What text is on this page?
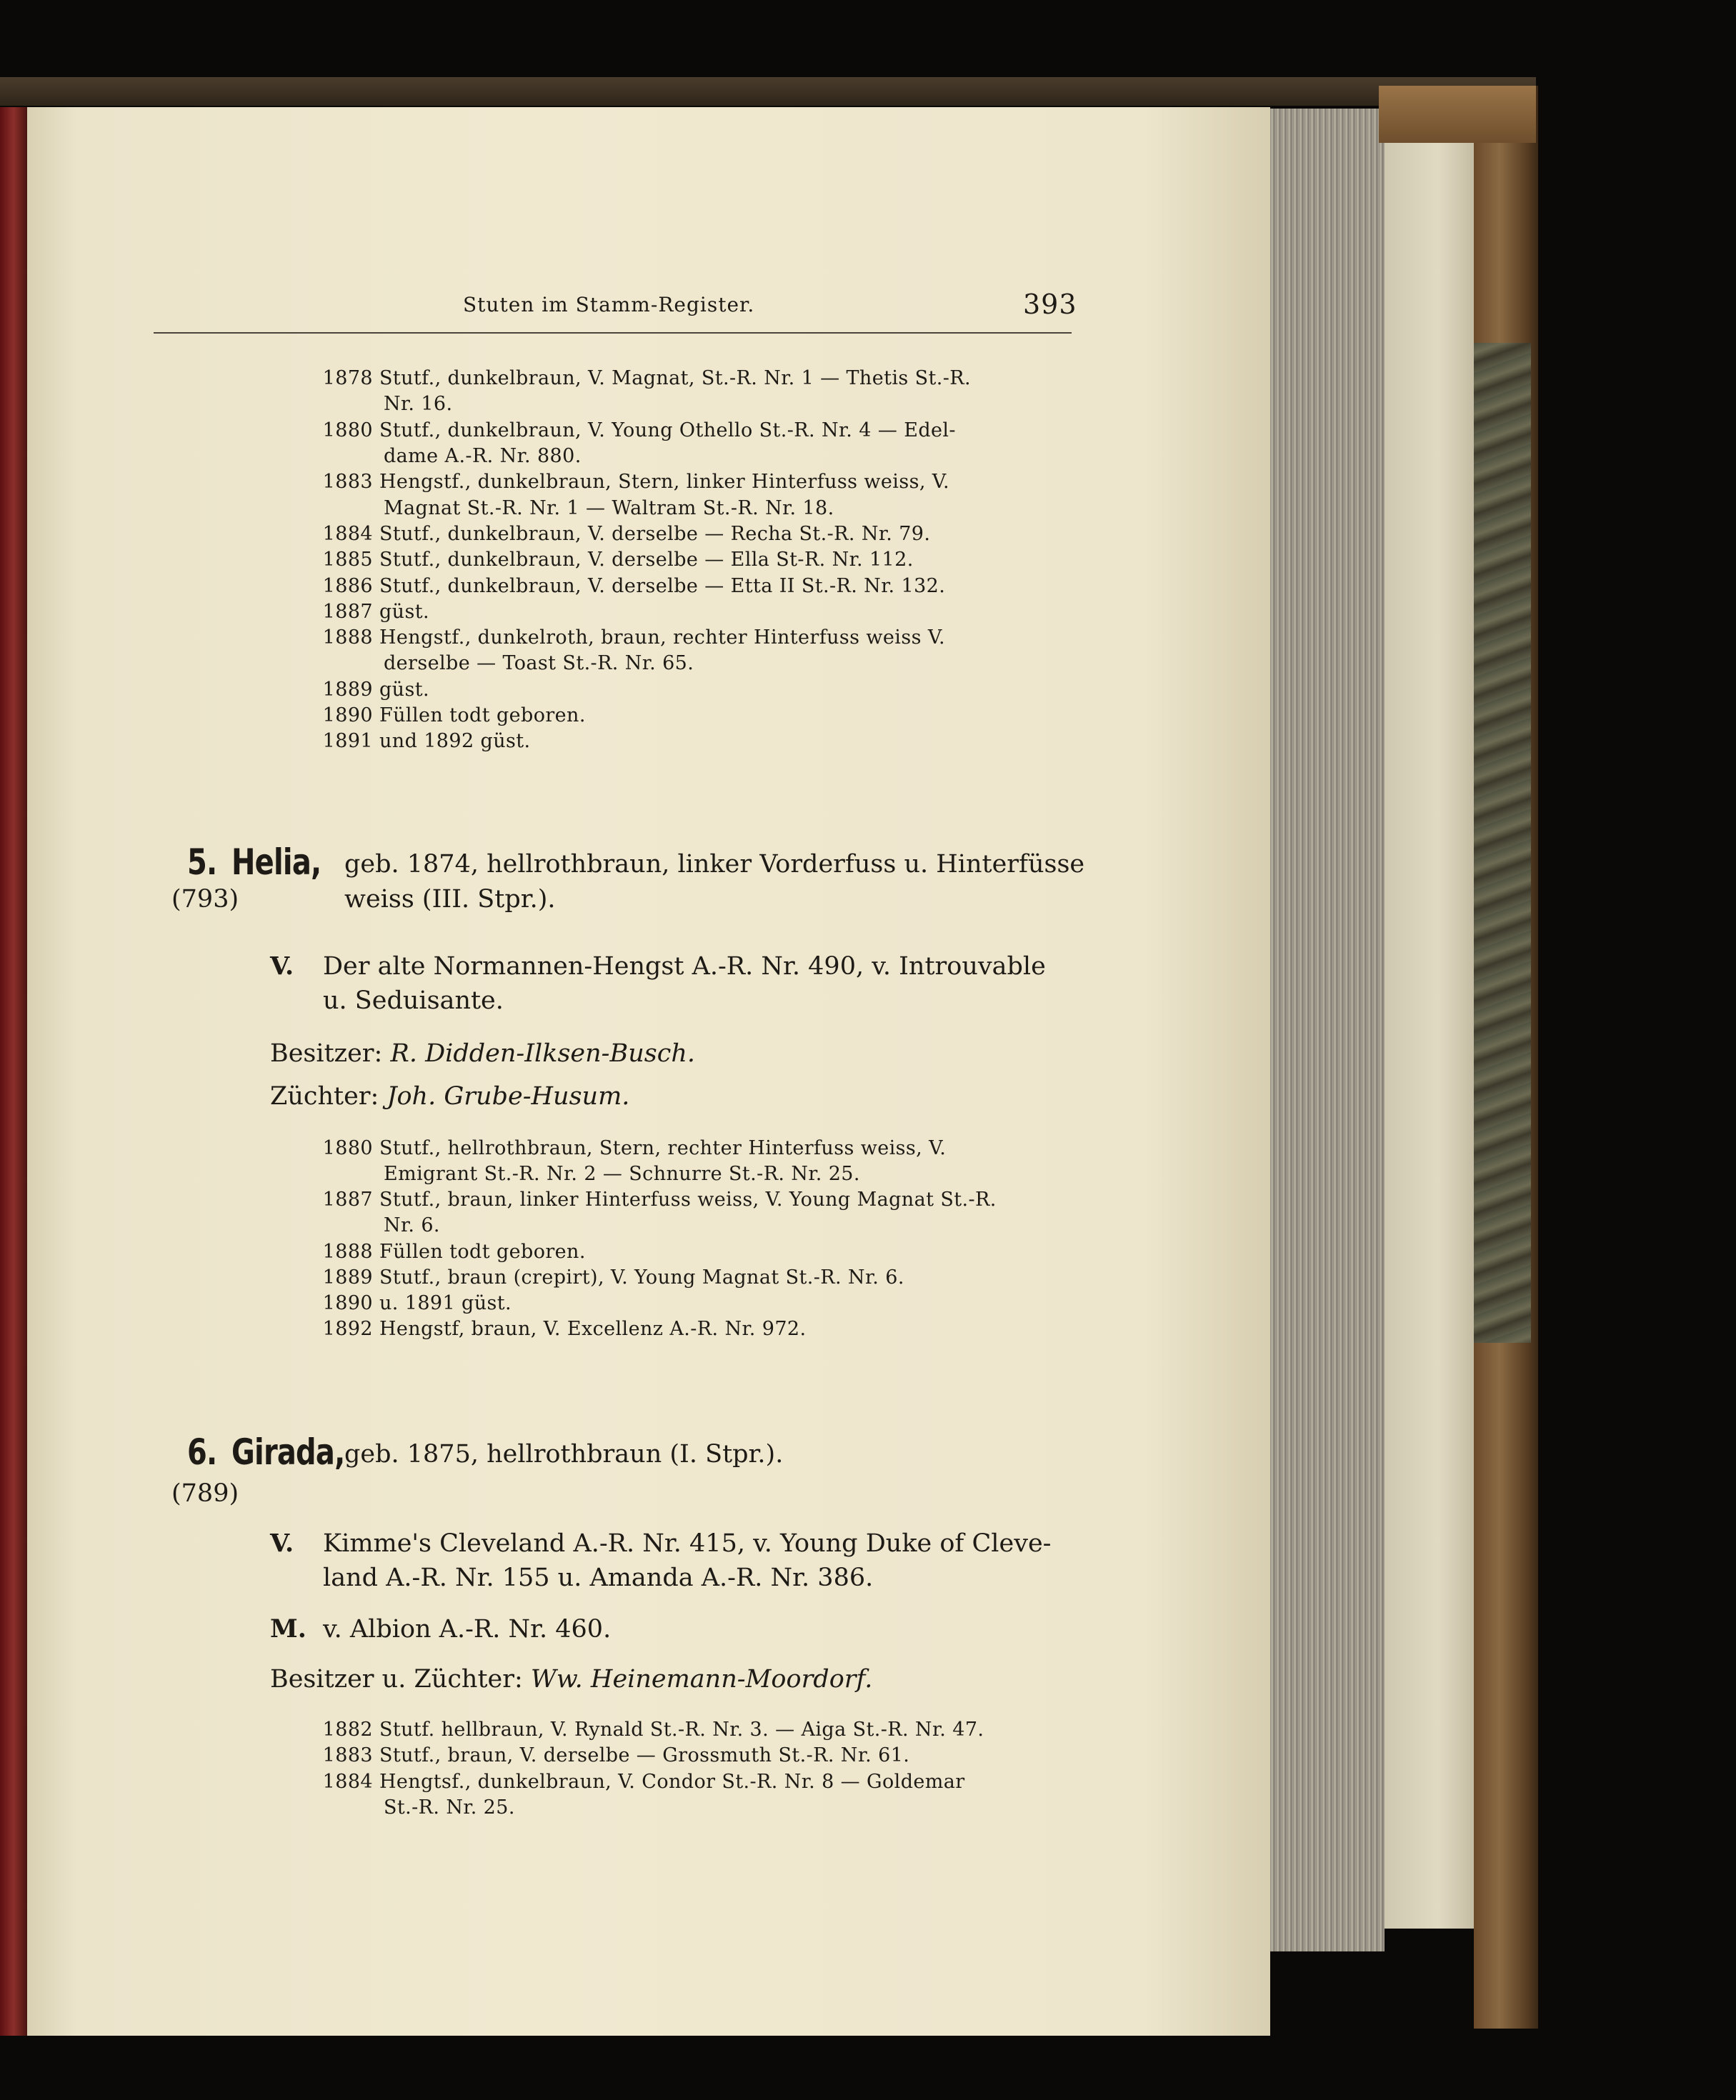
Stuten im Stamm-Register.	393
1878 Stutf., dunkelbraun, V. Magnat, St.-R. Nr. 1 — Thetis St.-R.
Nr. 16.
1880 Stutf., dunkelbraun, V. Young Othello St.-R. Nr. 4 — Edel-
dame A.-R. Nr. 880.
1883 Hengstf., dunkelbraun, Stern, linker Hinterfuss weiss, V.
Magnat St.-R. Nr. 1 — Waltram St.-R. Nr. 18.
1884 Stutf., dunkelbraun, V. derselbe — Recha St.-R. Nr. 79.
1885 Stutf., dunkelbraun, V. derselbe — Ella St-R. Nr. 112.
1886 Stutf., dunkelbraun, V. derselbe — Etta II St.-R. Nr. 132.
1887 güst.
1888 Hengstf., dunkelroth, braun, rechter Hinterfuss weiss V.
derselbe — Toast St.-R. Nr. 65.
1889 güst.
1890 Füllen todt geboren.
1891 und 1892 güst.
5. Helia, geb. 1874, hellrothbraun, linker Vorderfuss u. Hinterfüsse
(793)	weiss (III. Stpr.).
V. Der alte Normannen-Hengst A.-R. Nr. 490, v. Introuvable
u. Seduisante.
Besitzer: R. Didden-Ilksen-Busch.
Züchter: Joh. Grube-Husum.
1880 Stutf., hellrothbraun, Stern, rechter Hinterfuss weiss, V.
Emigrant St.-R. Nr. 2 — Schnurre St.-R. Nr. 25.
1887 Stutf., braun, linker Hinterfuss weiss, V. Young Magnat St.-R.
Nr. 6.
1888 Füllen todt geboren.
1889 Stutf., braun (crepirt), V. Young Magnat St.-R. Nr. 6.
1890 u. 1891 güst.
1892 Hengstf, braun, V. Excellenz A.-R. Nr. 972.
6. Girada, geb. 1875, hellrothbraun (I. Stpr.).
(789)
V. Kimme's Cleveland A.-R. Nr. 415, v. Young Duke of Cleve-
land A.-R. Nr. 155 u. Amanda A.-R. Nr. 386.
M. v. Albion A.-R. Nr. 460.
Besitzer u. Züchter: Ww. Heinemann-Moordorf.
1882 Stutf. hellbraun, V. Rynald St.-R. Nr. 3. — Aiga St.-R. Nr. 47.
1883 Stutf., braun, V. derselbe — Grossmuth St.-R. Nr. 61.
1884 Hengtsf., dunkelbraun, V. Condor St.-R. Nr. 8 — Goldemar
St.-R. Nr. 25.
